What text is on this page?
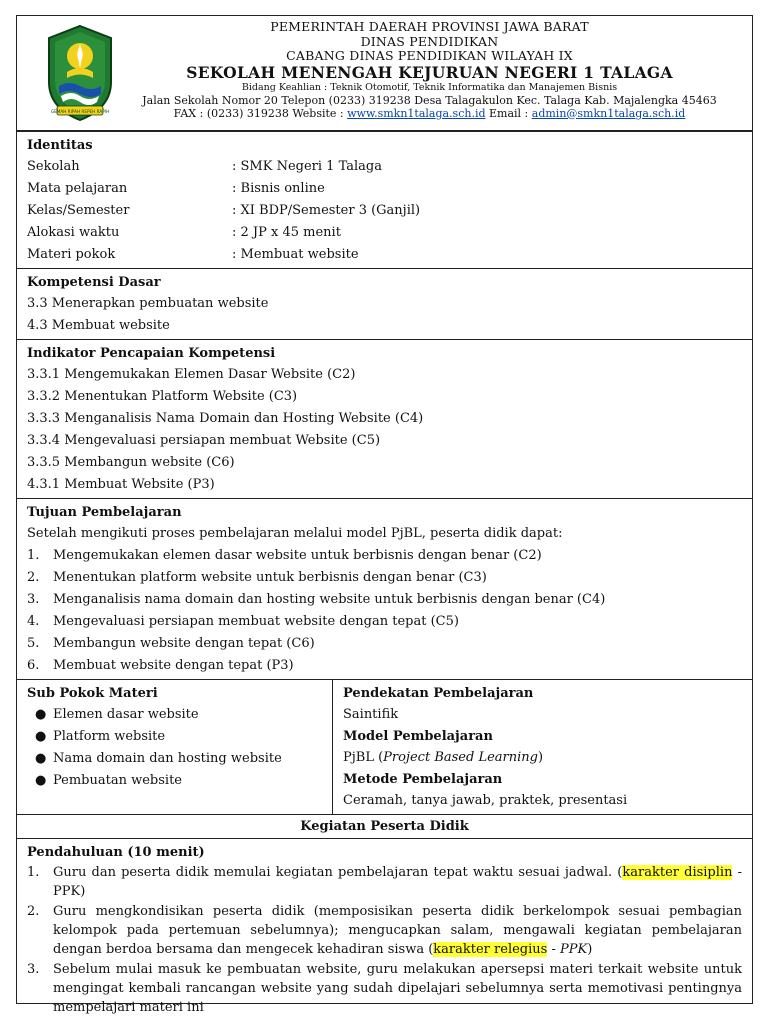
GEMAH RIPAH REPEH RAPIH
PEMERINTAH DAERAH PROVINSI JAWA BARAT
DINAS PENDIDIKAN
CABANG DINAS PENDIDIKAN WILAYAH IX
SEKOLAH MENENGAH KEJURUAN NEGERI 1 TALAGA
Bidang Keahlian : Teknik Otomotif, Teknik Informatika dan Manajemen Bisnis
Jalan Sekolah Nomor 20 Telepon (0233) 319238 Desa Talagakulon Kec. Talaga Kab. Majalengka 45463
FAX : (0233) 319238 Website : www.smkn1talaga.sch.id Email : admin@smkn1talaga.sch.id
Identitas
Sekolah	: SMK Negeri 1 Talaga
Mata pelajaran	: Bisnis online
Kelas/Semester	: XI BDP/Semester 3 (Ganjil)
Alokasi waktu	: 2 JP x 45 menit
Materi pokok	: Membuat website
Kompetensi Dasar
3.3 Menerapkan pembuatan website
4.3 Membuat website
Indikator Pencapaian Kompetensi
3.3.1 Mengemukakan Elemen Dasar Website (C2)
3.3.2 Menentukan Platform Website (C3)
3.3.3 Menganalisis Nama Domain dan Hosting Website (C4)
3.3.4 Mengevaluasi persiapan membuat Website (C5)
3.3.5 Membangun website (C6)
4.3.1 Membuat Website (P3)
Tujuan Pembelajaran
Setelah mengikuti proses pembelajaran melalui model PjBL, peserta didik dapat:
1. Mengemukakan elemen dasar website untuk berbisnis dengan benar (C2)
2. Menentukan platform website untuk berbisnis dengan benar (C3)
3. Menganalisis nama domain dan hosting website untuk berbisnis dengan benar (C4)
4. Mengevaluasi persiapan membuat website dengan tepat (C5)
5. Membangun website dengan tepat (C6)
6. Membuat website dengan tepat (P3)
Sub Pokok Materi
● Elemen dasar website
● Platform website
● Nama domain dan hosting website
● Pembuatan website
Pendekatan Pembelajaran
Saintifik
Model Pembelajaran
PjBL (Project Based Learning)
Metode Pembelajaran
Ceramah, tanya jawab, praktek, presentasi
Kegiatan Peserta Didik
Pendahuluan (10 menit)
1.	Guru dan peserta didik memulai kegiatan pembelajaran tepat waktu sesuai jadwal. (karakter disiplin - PPK)
2.	Guru mengkondisikan peserta didik (memposisikan peserta didik berkelompok sesuai pembagian kelompok pada pertemuan sebelumnya); mengucapkan salam, mengawali kegiatan pembelajaran dengan berdoa bersama dan mengecek kehadiran siswa (karakter relegius - PPK)
3.	Sebelum mulai masuk ke pembuatan website, guru melakukan apersepsi materi terkait website untuk mengingat kembali rancangan website yang sudah dipelajari sebelumnya serta memotivasi pentingnya mempelajari materi ini
